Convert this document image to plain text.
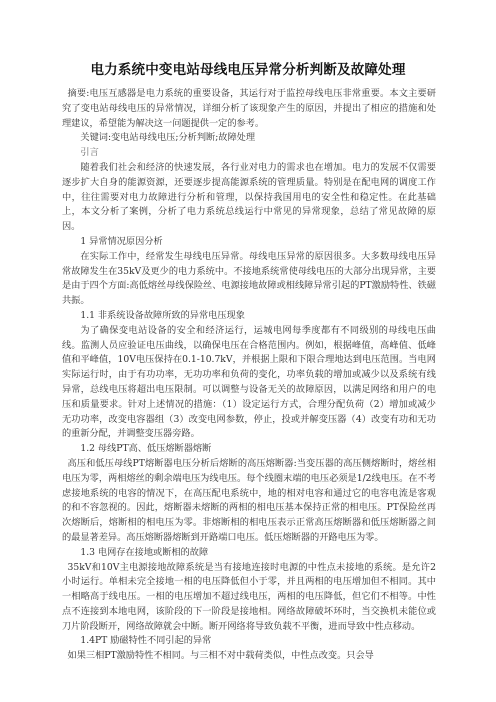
电力系统中变电站母线电压异常分析判断及故障处理

摘要:电压互感器是电力系统的重要设备，其运行对于监控母线电压非常重要。本文主要研究了变电站母线电压的异常情况，详细分析了该现象产生的原因，并提出了相应的措施和处理建议，希望能为解决这一问题提供一定的参考。

关键词:变电站母线电压;分析判断;故障处理

引言

随着我们社会和经济的快速发展，各行业对电力的需求也在增加。电力的发展不仅需要逐步扩大自身的能源资源，还要逐步提高能源系统的管理质量。特别是在配电网的调度工作中，往往需要对电力故障进行分析和管理，以保持我国用电的安全性和稳定性。在此基础上，本文分析了案例，分析了电力系统总线运行中常见的异常现象，总结了常见故障的原因。

1 异常情况原因分析

在实际工作中，经常发生母线电压异常。母线电压异常的原因很多。大多数母线电压异常故障发生在35kV及更少的电力系统中。不接地系统常使母线电压的大部分出现异常，主要是由于四个方面:高低熔丝母线保险丝、电源接地故障或相线障异常引起的PT激励特性、铁磁共振。

1.1 非系统设备故障所致的异常电压现象

为了确保变电站设备的安全和经济运行，运城电网每季度都有不同级别的母线电压曲线。监测人员应验证电压曲线，以确保电压在合格范围内。例如，根据峰值，高峰值、低峰值和平峰值，10V电压保持在0.1-10.7kV，并根据上限和下限合理地达到电压范围。当电网实际运行时，由于有功功率，无功功率和负荷的变化，功率负载的增加或减少以及系统有线异常，总线电压将超出电压限制。可以调整与设备无关的故障原因，以满足网络和用户的电压和质量要求。针对上述情况的措施：（1）设定运行方式，合理分配负荷（2）增加或减少无功功率，改变电容器组（3）改变电网参数，停止，投或并解变压器（4）改变有功和无功的重新分配，并调整变压器旁路。

1.2 母线PT高、低压熔断器熔断

高压和低压母线PT熔断器电压分析后熔断的高压熔断器:当变压器的高压侧熔断时，熔丝相电压为零，两相熔丝的剩余端电压为线电压。每个线圈末端的电压必须是1/2线电压。在不考虑接地系统的电容的情况下，在高压配电系统中，地的相对电容和通过它的电容电流是客观的和不容忽视的。因此，熔断器未熔断的两相的相电压基本保持正常的相电压。PT保险丝再次熔断后，熔断相的相电压为零。非熔断相的相电压表示正常高压熔断器和低压熔断器之间的最显著差异。高压熔断器熔断到开路端口电压。低压熔断器的开路电压为零。

1.3 电网存在接地或断相的故障

35kV和10V主电源接地故障系统是当有接地连接时电源的中性点未接地的系统。是允许2小时运行。单相未完全接地一相的电压降低但小于零，并且两相的电压增加但不相同。其中一相略高于线电压。一相的电压增加不超过线电压，两相的电压降低，但它们不相等。中性点不连接到本地电网，该阶段的下一阶段是接地相。网络故障破坏环时，当交换机未能位或刀片阶段断开，网络故障就会中断。断开网络将导致负载不平衡，进而导致中性点移动。

1.4PT 励磁特性不同引起的异常

如果三相PT激励特性不相同。与三相不对中载荷类似，中性点改变。只会导
